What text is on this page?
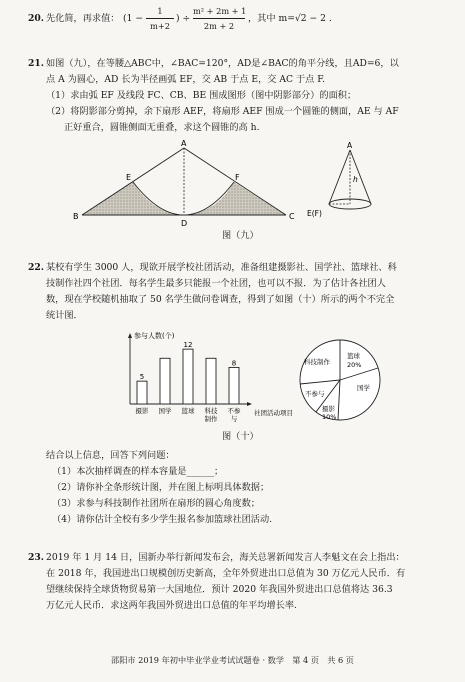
20. 先化简，再求值： (1 −
1
m+2
) ÷
m² + 2m + 1
2m + 2
，其中 m=√2 − 2 .
21. 如图（九），在等腰△ABC中，∠BAC=120°，AD是∠BAC的角平分线，且AD=6，以
点 A 为圆心，AD 长为半径画弧 EF，交 AB 于点 E，交 AC 于点 F.
（1）求由弧 EF 及线段 FC、CB、BE 围成图形（图中阴影部分）的面积；
（2）将阴影部分剪掉，余下扇形 AEF，将扇形 AEF 围成一个圆锥的侧面，AE 与 AF
正好重合，圆锥侧面无重叠，求这个圆锥的高 h.
A
B	C
D
E	F
A
h
E(F)
图（九）
22. 某校有学生 3000 人，现欲开展学校社团活动，准备组建摄影社、国学社、篮球社、科
技制作社四个社团．每名学生最多只能报一个社团，也可以不报．为了估计各社团人
数，现在学校随机抽取了 50 名学生做问卷调查，得到了如图（十）所示的两个不完全
统计图．
参与人数(个)
社团活动项目
5
摄影 国学
12
篮球 科技
制作
8
不参
与
科技制作
篮球
20%
国学
不参与
摄影
10%
图（十）
结合以上信息，回答下列问题：
（1）本次抽样调查的样本容量是______；
（2）请你补全条形统计图，并在图上标明具体数据；
（3）求参与科技制作社团所在扇形的圆心角度数；
（4）请你估计全校有多少学生报名参加篮球社团活动.
23. 2019 年 1 月 14 日，国新办举行新闻发布会，海关总署新闻发言人李魁文在会上指出：
在 2018 年，我国进出口规模创历史新高，全年外贸进出口总值为 30 万亿元人民币．有
望继续保持全球货物贸易第一大国地位．预计 2020 年我国外贸进出口总值将达 36.3
万亿元人民币．求这两年我国外贸进出口总值的年平均增长率.
邵阳市 2019 年初中毕业学业考试试题卷 · 数学　第 4 页　共 6 页
